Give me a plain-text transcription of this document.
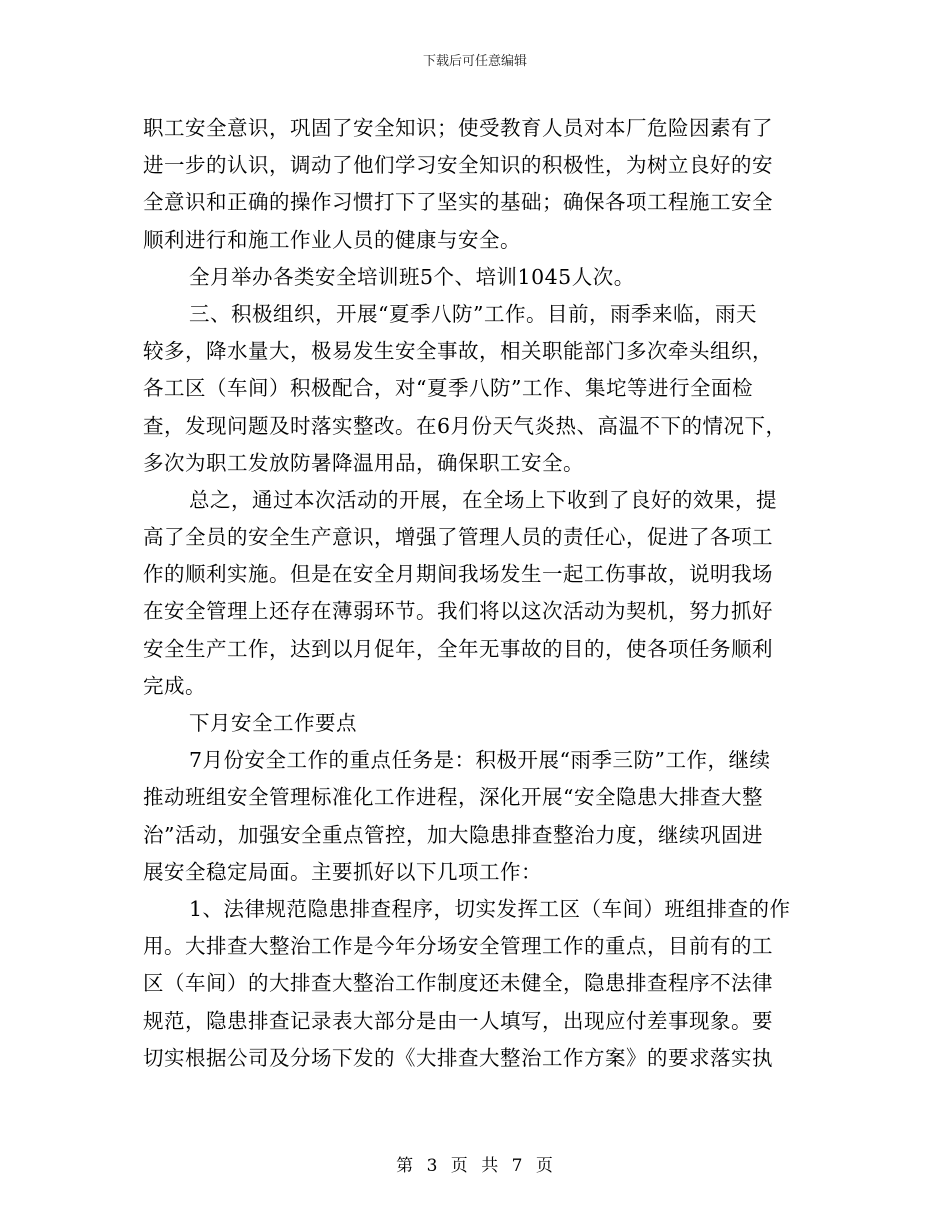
下载后可任意编辑
职工安全意识，巩固了安全知识；使受教育人员对本厂危险因素有了
进一步的认识，调动了他们学习安全知识的积极性，为树立良好的安
全意识和正确的操作习惯打下了坚实的基础；确保各项工程施工安全
顺利进行和施工作业人员的健康与安全。
全月举办各类安全培训班5个、培训1045人次。
三、积极组织，开展“夏季八防”工作。目前，雨季来临，雨天
较多，降水量大，极易发生安全事故，相关职能部门多次牵头组织，
各工区（车间）积极配合，对“夏季八防”工作、集坨等进行全面检
查，发现问题及时落实整改。在6月份天气炎热、高温不下的情况下，
多次为职工发放防暑降温用品，确保职工安全。
总之，通过本次活动的开展，在全场上下收到了良好的效果，提
高了全员的安全生产意识，增强了管理人员的责任心，促进了各项工
作的顺利实施。但是在安全月期间我场发生一起工伤事故，说明我场
在安全管理上还存在薄弱环节。我们将以这次活动为契机，努力抓好
安全生产工作，达到以月促年，全年无事故的目的，使各项任务顺利
完成。
下月安全工作要点
7月份安全工作的重点任务是：积极开展“雨季三防”工作，继续
推动班组安全管理标准化工作进程，深化开展“安全隐患大排查大整
治”活动，加强安全重点管控，加大隐患排查整治力度，继续巩固进
展安全稳定局面。主要抓好以下几项工作：
1、法律规范隐患排查程序，切实发挥工区（车间）班组排查的作
用。大排查大整治工作是今年分场安全管理工作的重点，目前有的工
区（车间）的大排查大整治工作制度还未健全，隐患排查程序不法律
规范，隐患排查记录表大部分是由一人填写，出现应付差事现象。要
切实根据公司及分场下发的《大排查大整治工作方案》的要求落实执
第 3 页 共 7 页
